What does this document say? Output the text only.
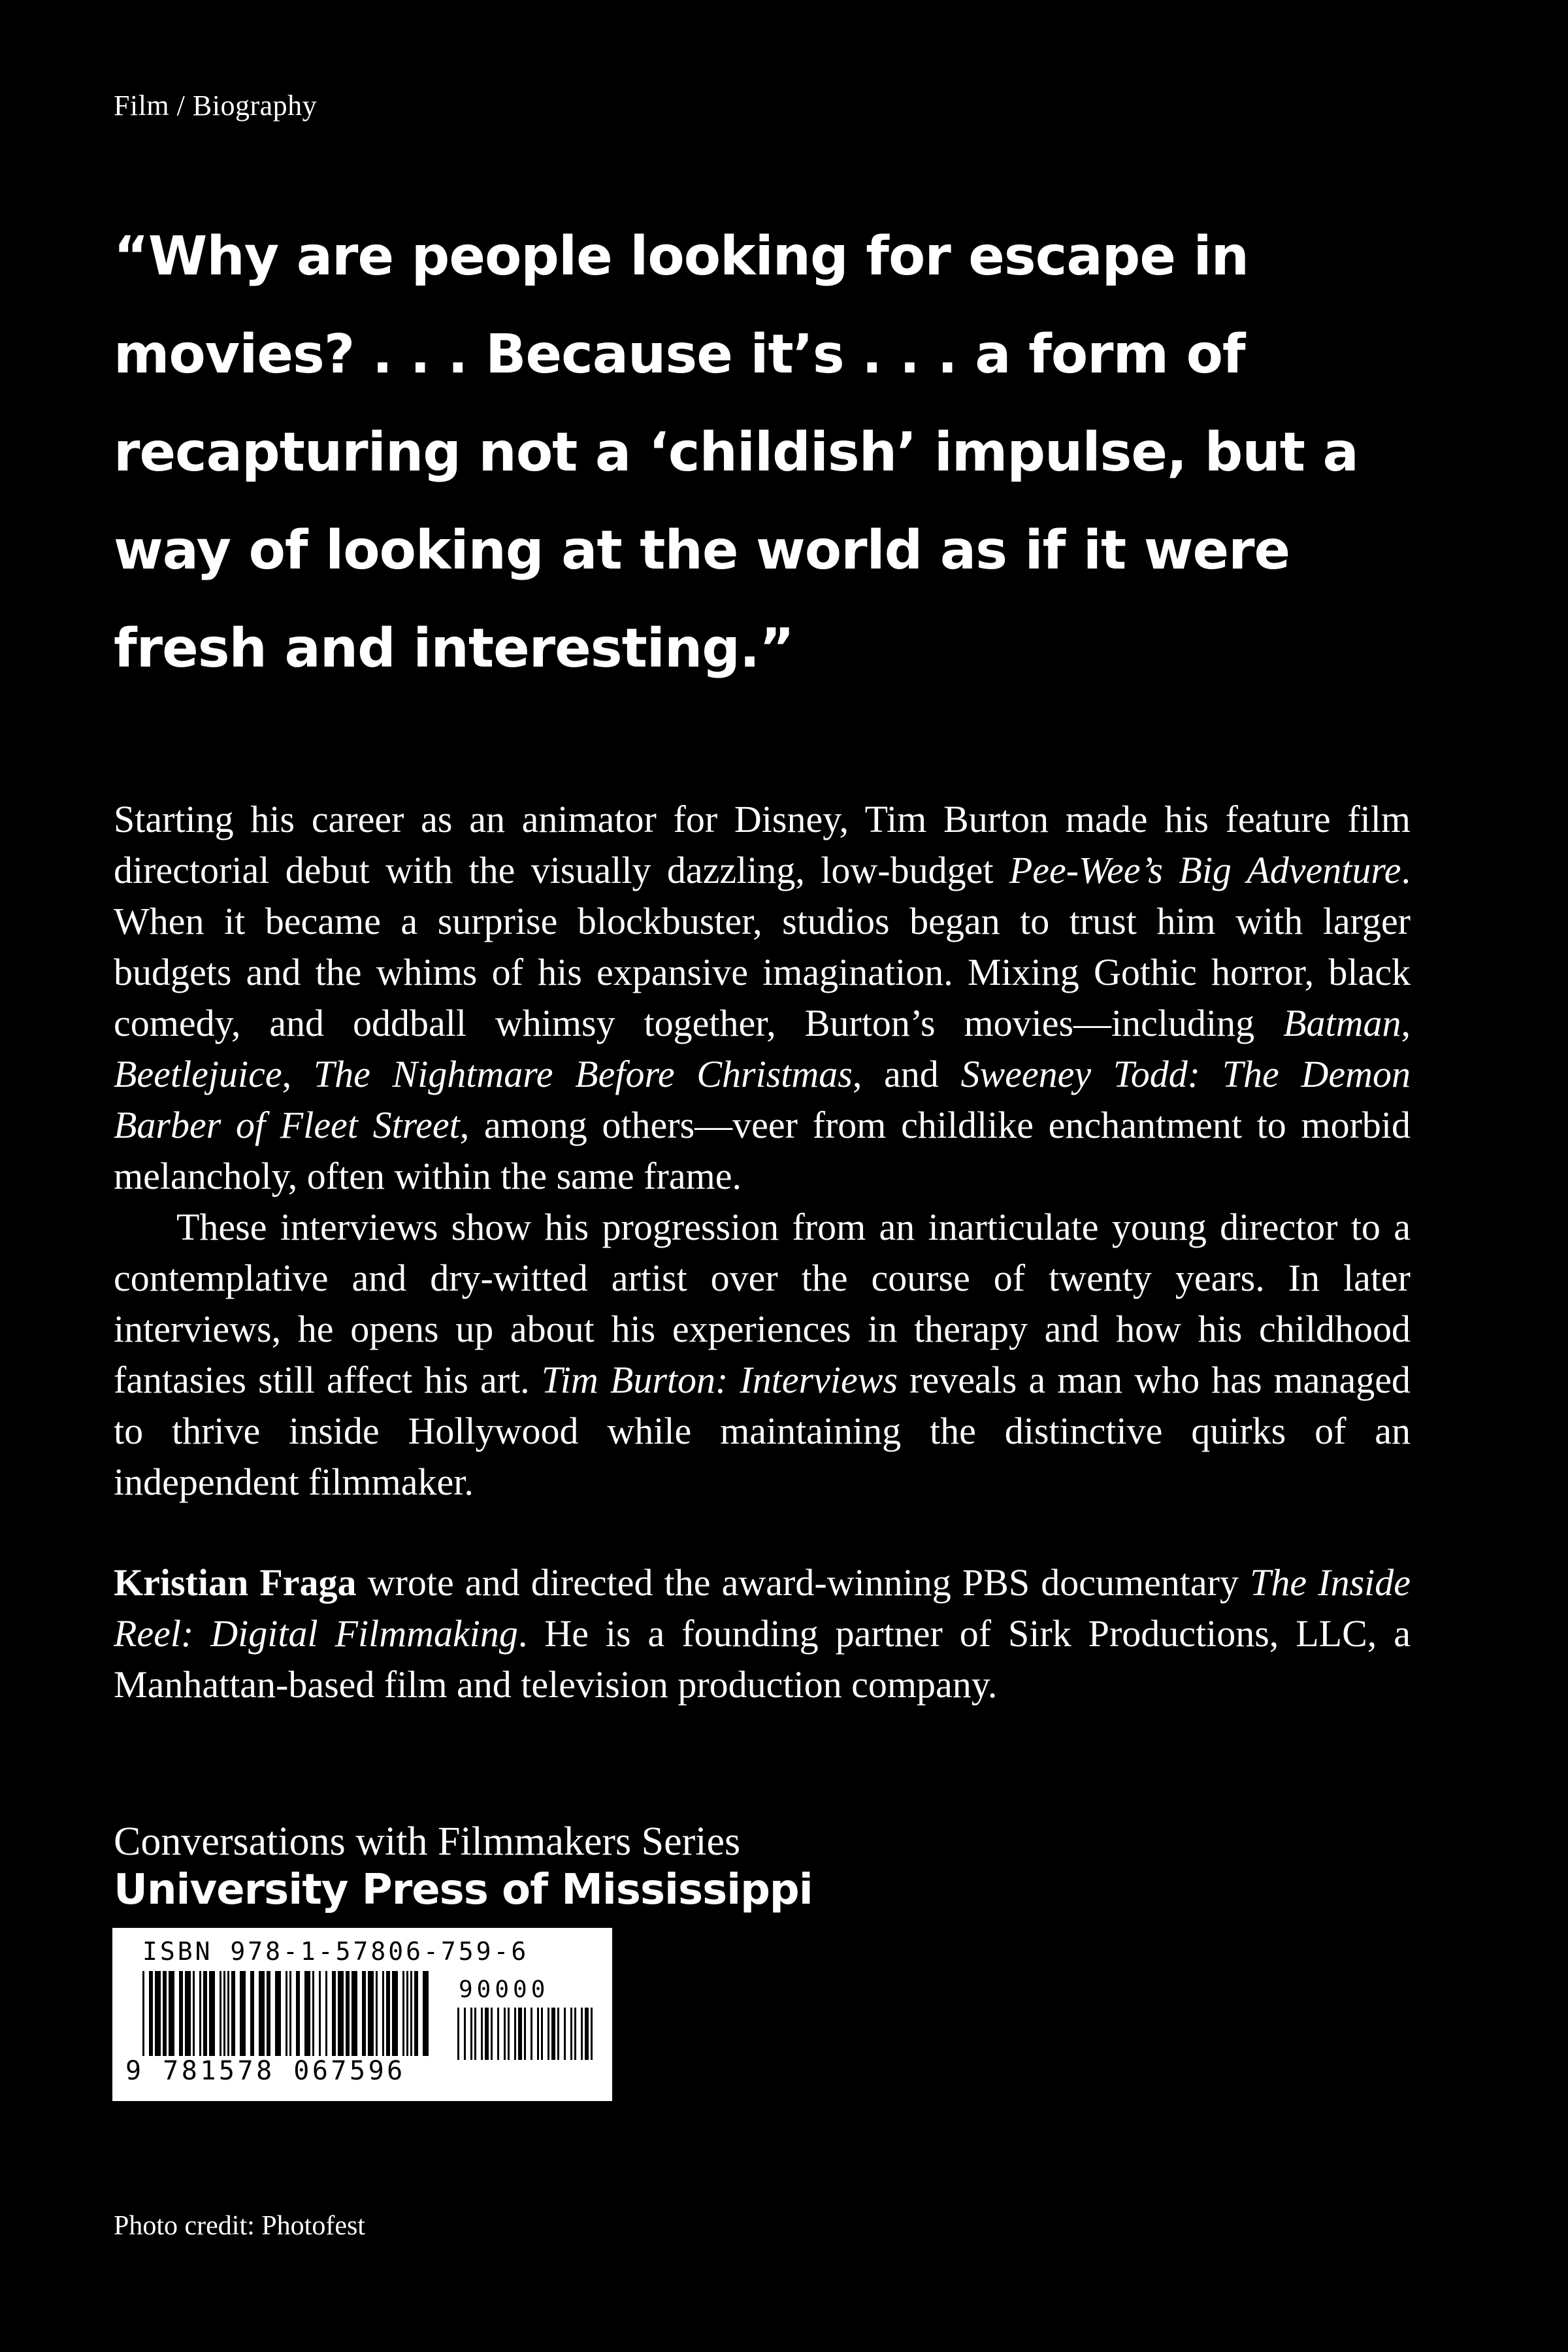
Film / Biography
“Why are people looking for escape in
movies? . . . Because it’s . . . a form of
recapturing not a ‘childish’ impulse, but a
way of looking at the world as if it were
fresh and interesting.”

Starting his career as an animator for Disney, Tim Burton made his feature film directorial debut with the visually dazzling, low-budget Pee-Wee’s Big Adventure. When it became a surprise blockbuster, studios began to trust him with larger budgets and the whims of his expansive imagination. Mixing Gothic horror, black comedy, and oddball whimsy together, Burton’s movies—including Batman, Beetlejuice, The Nightmare Before Christmas, and Sweeney Todd: The Demon Barber of Fleet Street, among others—veer from childlike enchantment to morbid melancholy, often within the same frame.

These interviews show his progression from an inarticulate young director to a contemplative and dry-witted artist over the course of twenty years. In later interviews, he opens up about his experiences in therapy and how his childhood fantasies still affect his art. Tim Burton: Interviews reveals a man who has managed to thrive inside Hollywood while maintaining the distinctive quirks of an independent filmmaker.

Kristian Fraga wrote and directed the award-winning PBS documentary The Inside Reel: Digital Filmmaking. He is a founding partner of Sirk Productions, LLC, a Manhattan-based film and television production company.

Conversations with Filmmakers Series
University Press of Mississippi
ISBN 978-1-57806-759-6
90000
9 781578 067596
Photo credit: Photofest
